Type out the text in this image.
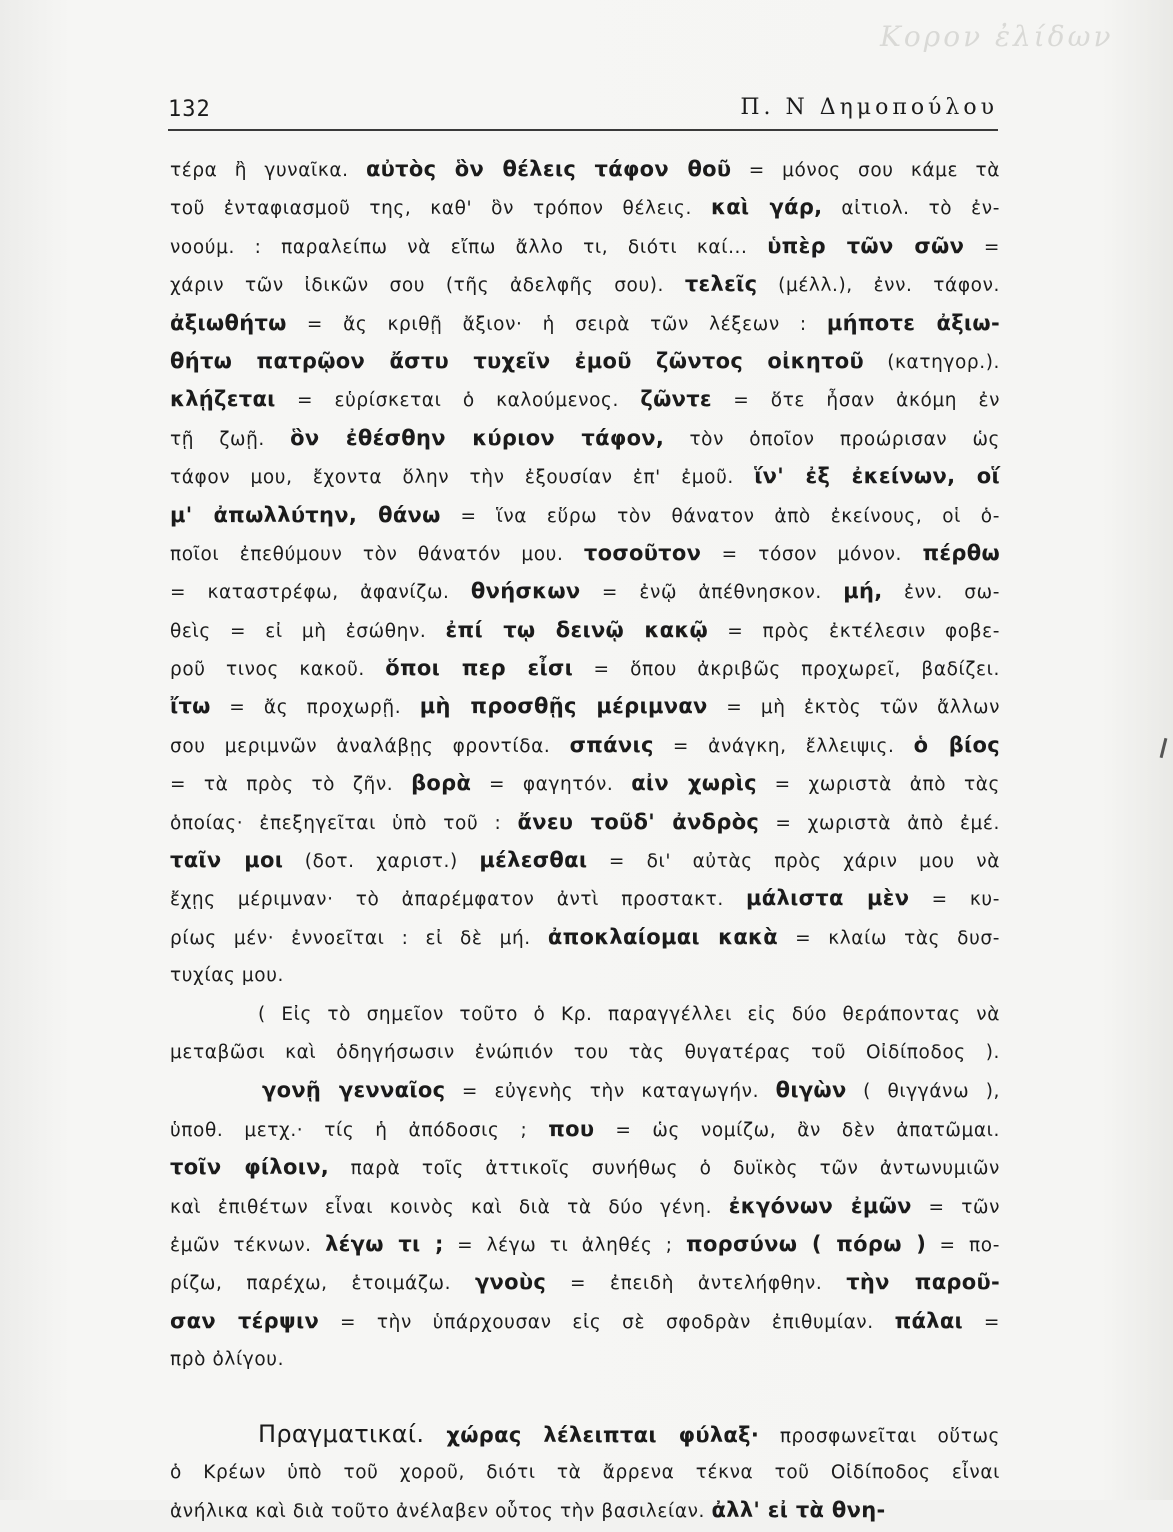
Κορον ἐλίδων
132	Π. Ν Δημοπούλου
τέρα ἢ γυναῖκα. αὐτὸς ὃν θέλεις τάφον θοῦ = μόνος σου κάμε τὰ
τοῦ ἐνταφιασμοῦ της, καθ' ὃν τρόπον θέλεις. καὶ γάρ, αἰτιολ. τὸ ἐν-
νοούμ. : παραλείπω νὰ εἴπω ἄλλο τι, διότι καί... ὑπὲρ τῶν σῶν =
χάριν τῶν ἰδικῶν σου (τῆς ἀδελφῆς σου). τελεῖς (μέλλ.), ἐνν. τάφον.
ἀξιωθήτω = ἄς κριθῇ ἄξιον· ἡ σειρὰ τῶν λέξεων : μήποτε ἀξιω-
θήτω πατρῷον ἄστυ τυχεῖν ἐμοῦ ζῶντος οἰκητοῦ (κατηγορ.).
κλῄζεται = εὑρίσκεται ὁ καλούμενος. ζῶντε = ὅτε ἦσαν ἀκόμη ἐν
τῇ ζωῇ. ὃν ἐθέσθην κύριον τάφον, τὸν ὁποῖον προώρισαν ὡς
τάφον μου, ἔχοντα ὅλην τὴν ἐξουσίαν ἐπ' ἐμοῦ. ἵν' ἐξ ἐκείνων, οἵ
μ' ἀπωλλύτην, θάνω = ἵνα εὕρω τὸν θάνατον ἀπὸ ἐκείνους, οἱ ὁ-
ποῖοι ἐπεθύμουν τὸν θάνατόν μου. τοσοῦτον = τόσον μόνον. πέρθω
= καταστρέφω, ἀφανίζω. θνήσκων = ἐνῷ ἀπέθνησκον. μή, ἐνν. σω-
θεὶς = εἰ μὴ ἐσώθην. ἐπί τῳ δεινῷ κακῷ = πρὸς ἐκτέλεσιν φοβε-
ροῦ τινος κακοῦ. ὅποι περ εἶσι = ὅπου ἀκριβῶς προχωρεῖ, βαδίζει.
ἴτω = ἄς προχωρῇ. μὴ προσθῇς μέριμναν = μὴ ἐκτὸς τῶν ἄλλων
σου μεριμνῶν ἀναλάβῃς φροντίδα. σπάνις = ἀνάγκη, ἔλλειψις. ὁ βίος
= τὰ πρὸς τὸ ζῆν. βορὰ = φαγητόν. αἰν χωρὶς = χωριστὰ ἀπὸ τὰς
ὁποίας· ἐπεξηγεῖται ὑπὸ τοῦ : ἄνευ τοῦδ' ἀνδρὸς = χωριστὰ ἀπὸ ἐμέ.
ταῖν μοι (δοτ. χαριστ.) μέλεσθαι = δι' αὐτὰς πρὸς χάριν μου νὰ
ἔχῃς μέριμναν· τὸ ἀπαρέμφατον ἀντὶ προστακτ. μάλιστα μὲν = κυ-
ρίως μέν· ἐννοεῖται : εἰ δὲ μή. ἀποκλαίομαι κακὰ = κλαίω τὰς δυσ-
τυχίας μου.
( Εἰς τὸ σημεῖον τοῦτο ὁ Κρ. παραγγέλλει εἰς δύο θεράποντας νὰ
μεταβῶσι καὶ ὁδηγήσωσιν ἐνώπιόν του τὰς θυγατέρας τοῦ Οἰδίποδος ).
γονῇ γενναῖος = εὐγενὴς τὴν καταγωγήν. θιγὼν ( θιγγάνω ),
ὑποθ. μετχ.· τίς ἡ ἀπόδοσις ; που = ὡς νομίζω, ἂν δὲν ἀπατῶμαι.
τοῖν φίλοιν, παρὰ τοῖς ἀττικοῖς συνήθως ὁ δυϊκὸς τῶν ἀντωνυμιῶν
καὶ ἐπιθέτων εἶναι κοινὸς καὶ διὰ τὰ δύο γένη. ἐκγόνων ἐμῶν = τῶν
ἐμῶν τέκνων. λέγω τι ; = λέγω τι ἀληθές ; πορσύνω ( πόρω ) = πο-
ρίζω, παρέχω, ἑτοιμάζω. γνοὺς = ἐπειδὴ ἀντελήφθην. τὴν παροῦ-
σαν τέρψιν = τὴν ὑπάρχουσαν εἰς σὲ σφοδρὰν ἐπιθυμίαν. πάλαι =
πρὸ ὀλίγου.
Πραγματικαί. χώρας λέλειπται φύλαξ· προσφωνεῖται οὕτως
ὁ Κρέων ὑπὸ τοῦ χοροῦ, διότι τὰ ἄρρενα τέκνα τοῦ Οἰδίποδος εἶναι
ἀνήλικα καὶ διὰ τοῦτο ἀνέλαβεν οὗτος τὴν βασιλείαν. ἀλλ' εἰ τὰ θνη-
